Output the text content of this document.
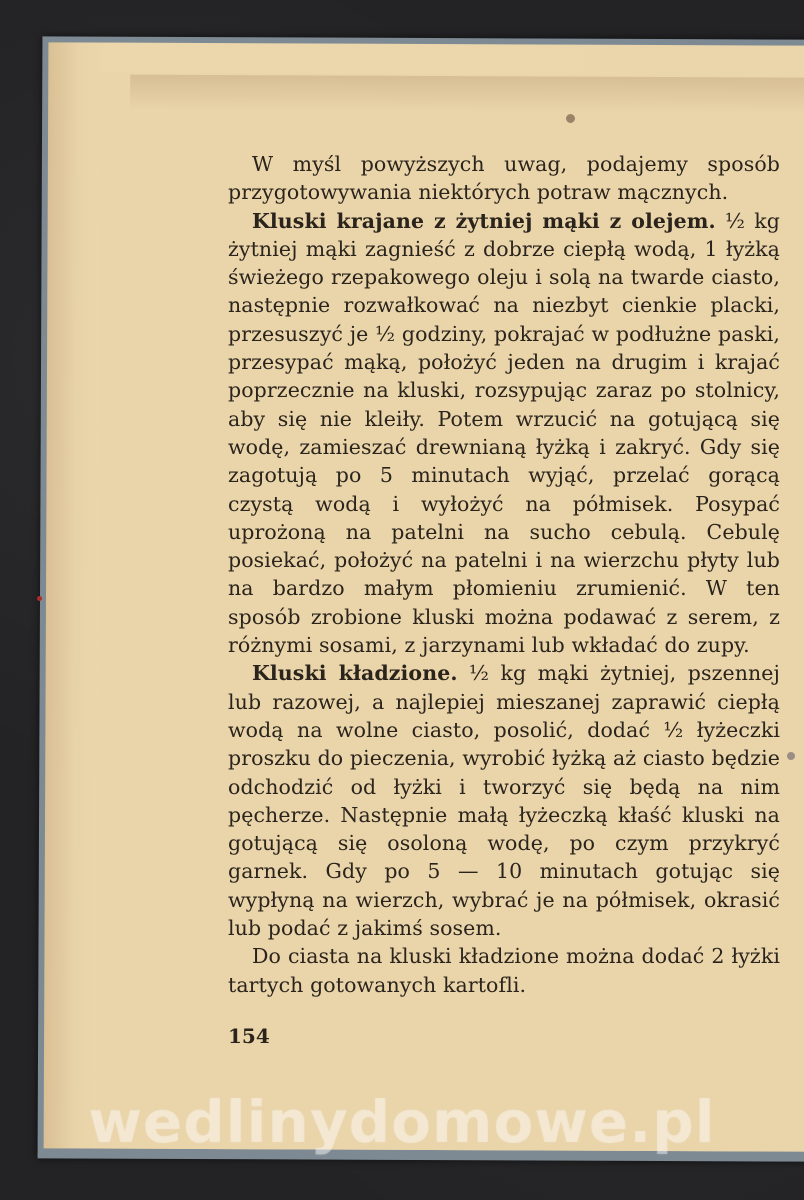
W myśl powyższych uwag, podajemy sposób przygotowywania niektórych potraw mącznych.

Kluski krajane z żytniej mąki z olejem. ½ kg żytniej mąki zagnieść z dobrze ciepłą wodą, 1 łyżką świeżego rzepakowego oleju i solą na twarde ciasto, następnie rozwałkować na niezbyt cienkie placki, przesuszyć je ½ godziny, pokrajać w podłużne paski, przesypać mąką, położyć jeden na drugim i krajać poprzecznie na kluski, rozsypując zaraz po stolnicy, aby się nie kleiły. Potem wrzucić na gotującą się wodę, zamieszać drewnianą łyżką i zakryć. Gdy się zagotują po 5 minutach wyjąć, przelać gorącą czystą wodą i wyłożyć na półmisek. Posypać uprożoną na patelni na sucho cebulą. Cebulę posiekać, położyć na patelni i na wierzchu płyty lub na bardzo małym płomieniu zrumienić. W ten sposób zrobione kluski można podawać z serem, z różnymi sosami, z jarzynami lub wkładać do zupy.

Kluski kładzione. ½ kg mąki żytniej, pszennej lub razowej, a najlepiej mieszanej zaprawić ciepłą wodą na wolne ciasto, posolić, dodać ½ łyżeczki proszku do pieczenia, wyrobić łyżką aż ciasto będzie odchodzić od łyżki i tworzyć się będą na nim pęcherze. Następnie małą łyżeczką kłaść kluski na gotującą się osoloną wodę, po czym przykryć garnek. Gdy po 5 — 10 minutach gotując się wypłyną na wierzch, wybrać je na półmisek, okrasić lub podać z jakimś sosem.

Do ciasta na kluski kładzione można dodać 2 łyżki tartych gotowanych kartofli.

154
wedlinydomowe.pl
